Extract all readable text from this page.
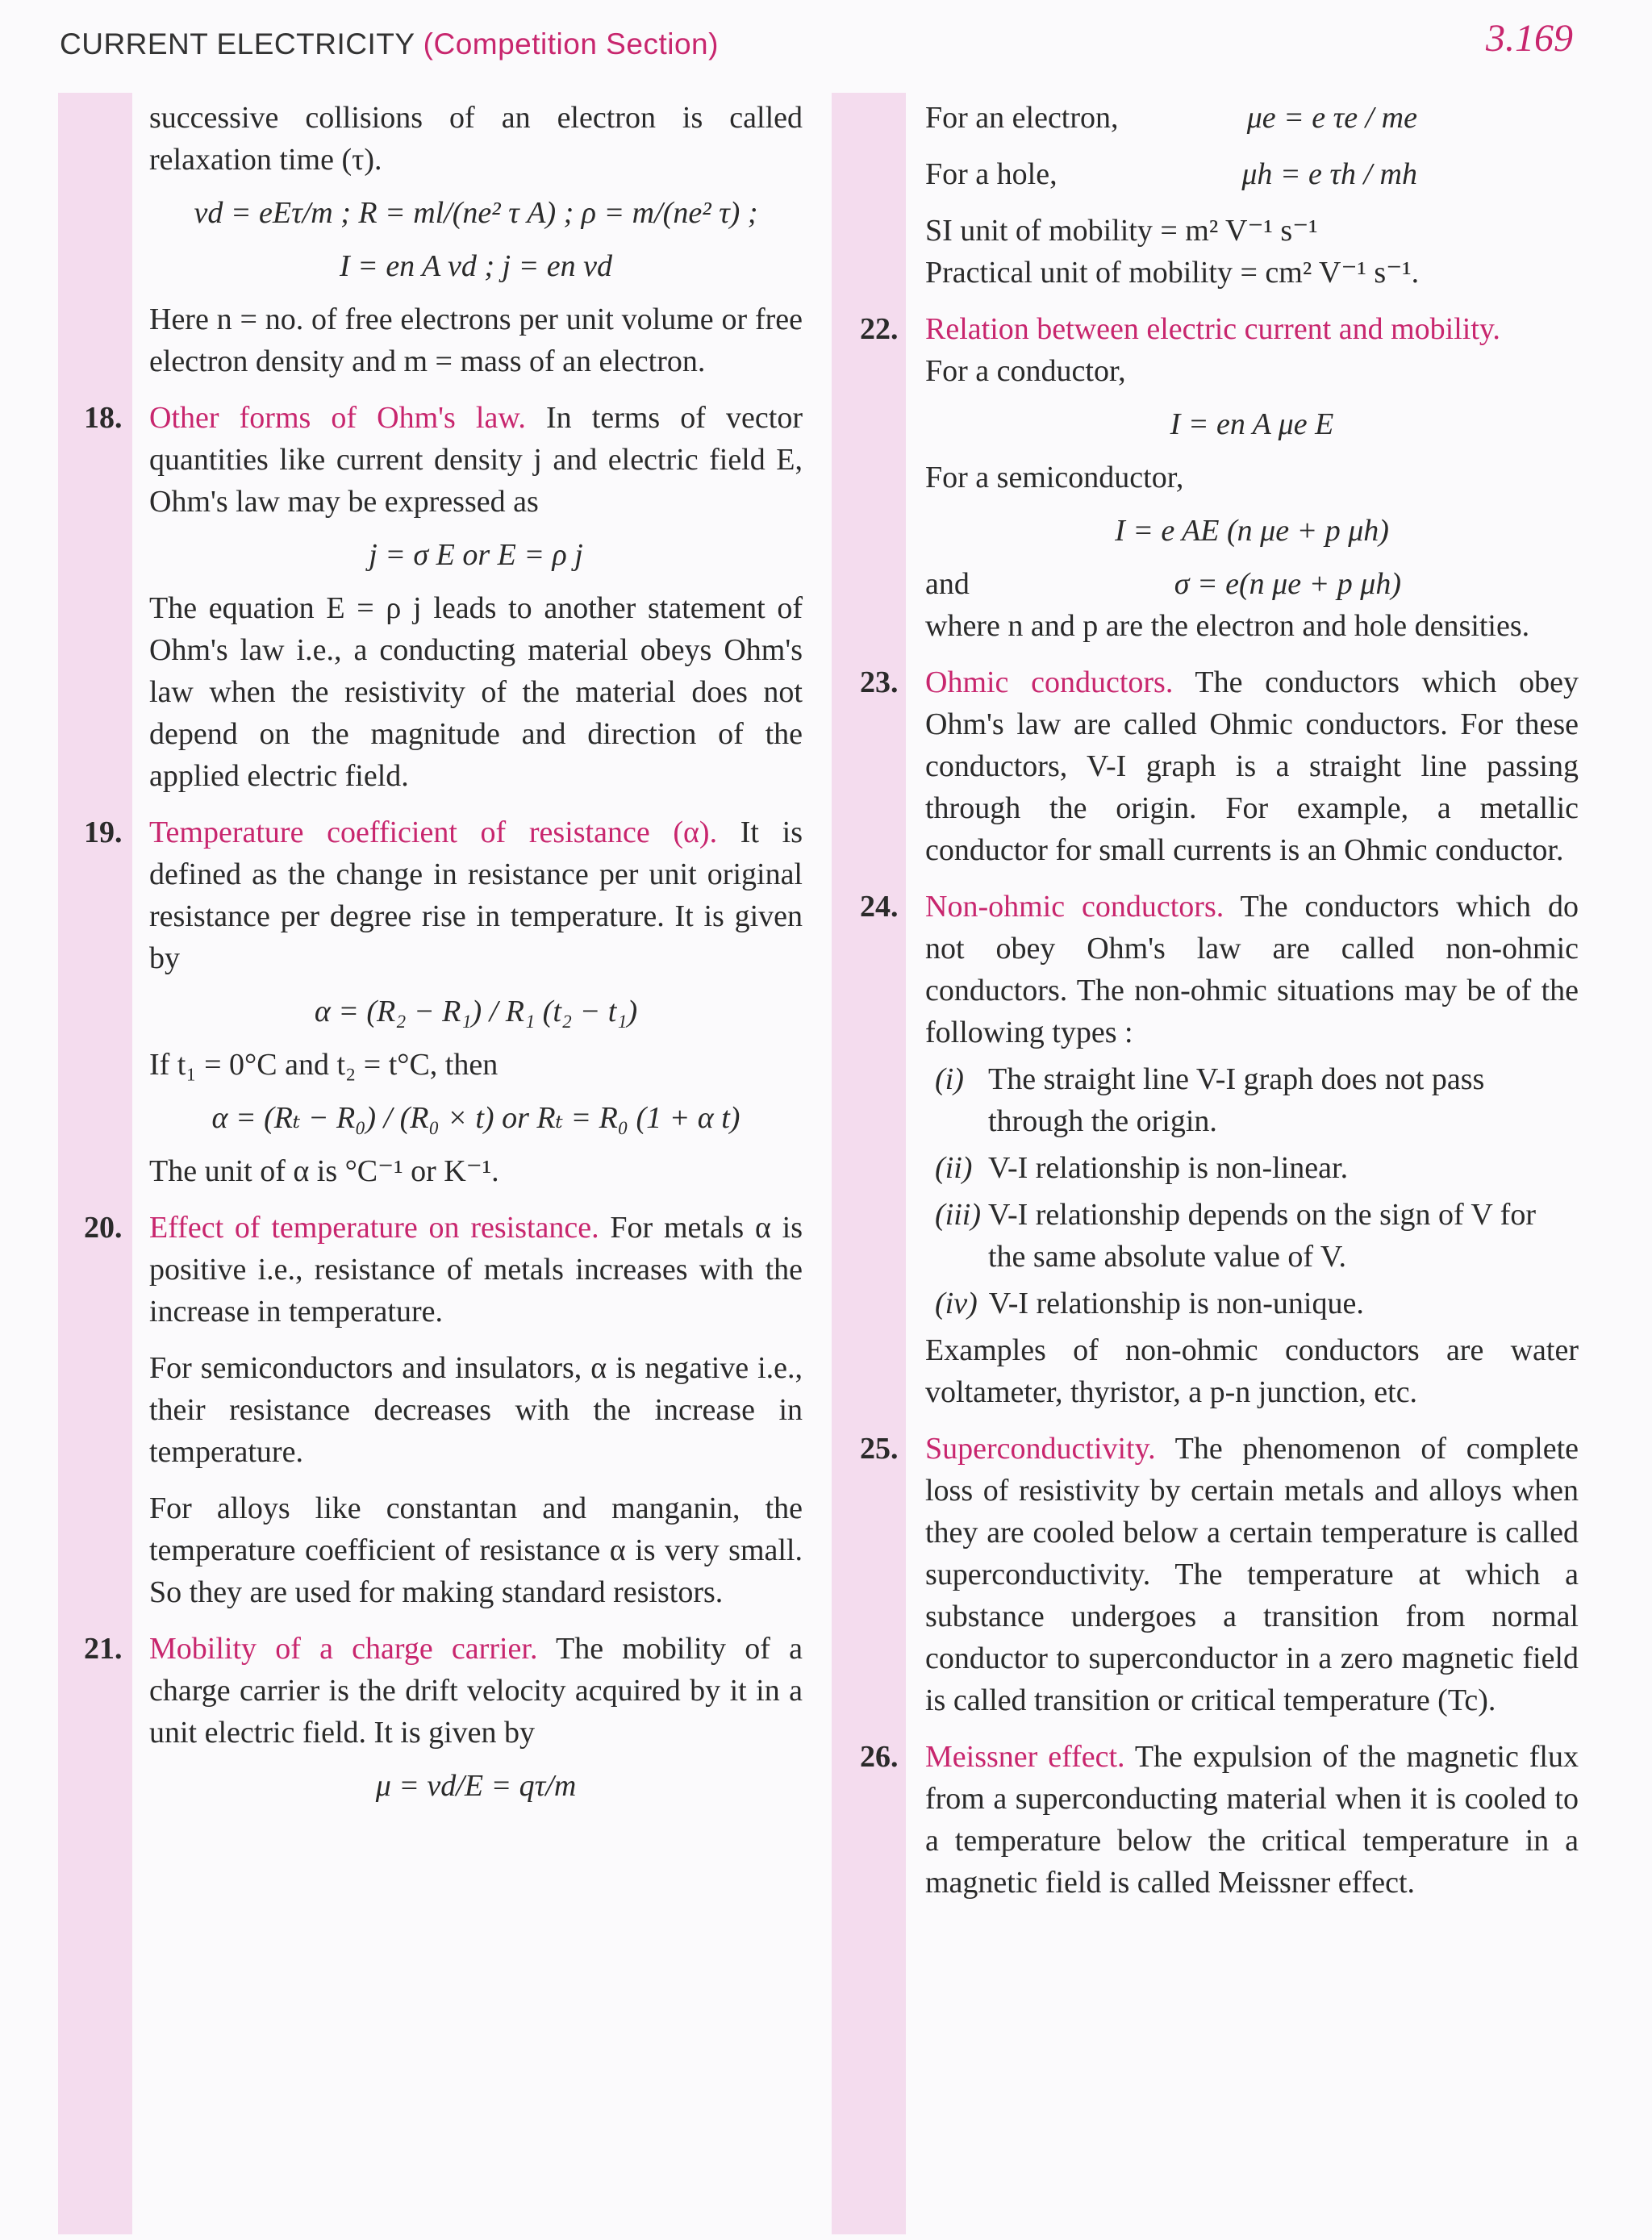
CURRENT ELECTRICITY (Competition Section)	3.169

successive collisions of an electron is called relaxation time (τ).

vd = eEτ/m ; R = ml/(ne² τ A) ; ρ = m/(ne² τ) ;

I = en A vd ; j = en vd

Here n = no. of free electrons per unit volume or free electron density and m = mass of an electron.

18. Other forms of Ohm's law. In terms of vector quantities like current density j and electric field E, Ohm's law may be expressed as

j = σ E or E = ρ j

The equation E = ρ j leads to another statement of Ohm's law i.e., a conducting material obeys Ohm's law when the resistivity of the material does not depend on the magnitude and direction of the applied electric field.

19. Temperature coefficient of resistance (α). It is defined as the change in resistance per unit original resistance per degree rise in temperature. It is given by

α = (R₂ − R₁) / R₁ (t₂ − t₁)

If t₁ = 0°C and t₂ = t°C, then

α = (Rₜ − R₀) / (R₀ × t) or Rₜ = R₀ (1 + α t)

The unit of α is °C⁻¹ or K⁻¹.

20. Effect of temperature on resistance. For metals α is positive i.e., resistance of metals increases with the increase in temperature.

For semiconductors and insulators, α is negative i.e., their resistance decreases with the increase in temperature.

For alloys like constantan and manganin, the temperature coefficient of resistance α is very small. So they are used for making standard resistors.

21. Mobility of a charge carrier. The mobility of a charge carrier is the drift velocity acquired by it in a unit electric field. It is given by

μ = vd/E = qτ/m

For an electron,	μe = e τe / me
For a hole,	μh = e τh / mh

SI unit of mobility = m² V⁻¹ s⁻¹

Practical unit of mobility = cm² V⁻¹ s⁻¹.

22. Relation between electric current and mobility.

For a conductor,

I = en A μe E

For a semiconductor,

I = e AE (n μe + p μh)

and	σ = e(n μe + p μh)

where n and p are the electron and hole densities.

23. Ohmic conductors. The conductors which obey Ohm's law are called Ohmic conductors. For these conductors, V-I graph is a straight line passing through the origin. For example, a metallic conductor for small currents is an Ohmic conductor.

24. Non-ohmic conductors. The conductors which do not obey Ohm's law are called non-ohmic conductors. The non-ohmic situations may be of the following types :

(i) The straight line V-I graph does not pass through the origin.
(ii) V-I relationship is non-linear.
(iii) V-I relationship depends on the sign of V for the same absolute value of V.
(iv) V-I relationship is non-unique.

Examples of non-ohmic conductors are water voltameter, thyristor, a p-n junction, etc.

25. Superconductivity. The phenomenon of complete loss of resistivity by certain metals and alloys when they are cooled below a certain temperature is called superconductivity. The temperature at which a substance undergoes a transition from normal conductor to superconductor in a zero magnetic field is called transition or critical temperature (Tc).

26. Meissner effect. The expulsion of the magnetic flux from a superconducting material when it is cooled to a temperature below the critical temperature in a magnetic field is called Meissner effect.
